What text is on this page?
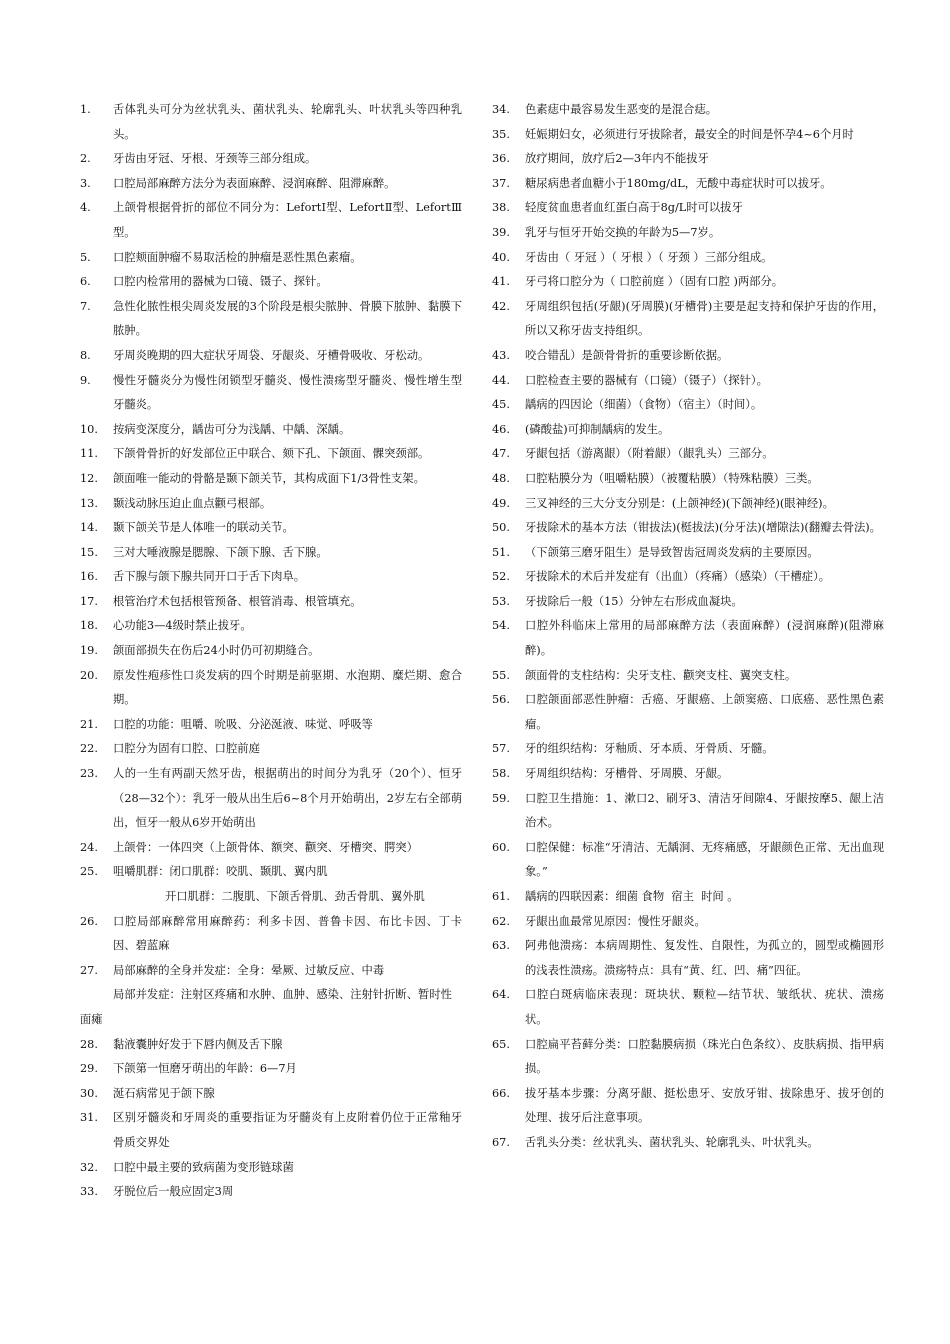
1.	舌体乳头可分为丝状乳头、菌状乳头、轮廓乳头、叶状乳头等四种乳头。
2.	牙齿由牙冠、牙根、牙颈等三部分组成。
3.	口腔局部麻醉方法分为表面麻醉、浸润麻醉、阻滞麻醉。
4.	上颌骨根据骨折的部位不同分为：LefortⅠ型、LefortⅡ型、LefortⅢ型。
5.	口腔颊面肿瘤不易取活检的肿瘤是恶性黑色素瘤。
6.	口腔内检常用的器械为口镜、镊子、探针。
7.	急性化脓性根尖周炎发展的3个阶段是根尖脓肿、骨膜下脓肿、黏膜下脓肿。
8.	牙周炎晚期的四大症状牙周袋、牙龈炎、牙槽骨吸收、牙松动。
9.	慢性牙髓炎分为慢性闭锁型牙髓炎、慢性溃疡型牙髓炎、慢性增生型牙髓炎。
10.	按病变深度分，龋齿可分为浅龋、中龋、深龋。
11.	下颌骨骨折的好发部位正中联合、颏下孔、下颌面、髁突颈部。
12.	颌面唯一能动的骨骼是颞下颌关节，其构成面下1/3骨性支架。
13.	颞浅动脉压迫止血点颧弓根部。
14.	颞下颌关节是人体唯一的联动关节。
15.	三对大唾液腺是腮腺、下颌下腺、舌下腺。
16.	舌下腺与颌下腺共同开口于舌下肉阜。
17.	根管治疗术包括根管预备、根管消毒、根管填充。
18.	心功能3—4级时禁止拔牙。
19.	颌面部损失在伤后24小时仍可初期缝合。
20.	原发性疱疹性口炎发病的四个时期是前驱期、水泡期、糜烂期、愈合期。
21.	口腔的功能：咀嚼、吮吸、分泌涎液、味觉、呼吸等
22.	口腔分为固有口腔、口腔前庭
23.	人的一生有两副天然牙齿，根据萌出的时间分为乳牙（20个）、恒牙（28—32个）：乳牙一般从出生后6~8个月开始萌出，2岁左右全部萌出，恒牙一般从6岁开始萌出
24.	上颌骨：一体四突（上颌骨体、额突、颧突、牙槽突、腭突）
25.	咀嚼肌群：闭口肌群：咬肌、颞肌、翼内肌
开口肌群：二腹肌、下颌舌骨肌、劲舌骨肌、翼外肌
26.	口腔局部麻醉常用麻醉药：利多卡因、普鲁卡因、布比卡因、丁卡因、碧蓝麻
27.	局部麻醉的全身并发症：全身：晕厥、过敏反应、中毒
局部并发症：注射区疼痛和水肿、血肿、感染、注射针折断、暂时性
面瘫
28.	黏液囊肿好发于下唇内侧及舌下腺
29.	下颌第一恒磨牙萌出的年龄：6—7月
30.	涎石病常见于颌下腺
31.	区别牙髓炎和牙周炎的重要指证为牙髓炎有上皮附着仍位于正常釉牙骨质交界处
32.	口腔中最主要的致病菌为变形链球菌
33.	牙脱位后一般应固定3周
34.	色素痣中最容易发生恶变的是混合痣。
35.	妊娠期妇女，必须进行牙拔除者，最安全的时间是怀孕4~6个月时
36.	放疗期间，放疗后2—3年内不能拔牙
37.	糖尿病患者血糖小于180mg/dL，无酸中毒症状时可以拔牙。
38.	轻度贫血患者血红蛋白高于8g/L时可以拔牙
39.	乳牙与恒牙开始交换的年龄为5—7岁。
40.	牙齿由（ 牙冠 ）（ 牙根 ）（ 牙颈 ）三部分组成。
41.	牙弓将口腔分为（ 口腔前庭 ）（固有口腔 )两部分。
42.	牙周组织包括(牙龈)(牙周膜)(牙槽骨)主要是起支持和保护牙齿的作用，所以又称牙齿支持组织。
43.	咬合错乱）是颌骨骨折的重要诊断依据。
44.	口腔检查主要的器械有（口镜）（镊子）（探针）。
45.	龋病的四因论（细菌）（食物）（宿主）（时间）。
46.	(磷酸盐)可抑制龋病的发生。
47.	牙龈包括（游离龈）（附着龈）（龈乳头）三部分。
48.	口腔粘膜分为（咀嚼粘膜）（被覆粘膜）（特殊粘膜）三类。
49.	三叉神经的三大分支分别是：(上颌神经)(下颌神经)(眼神经)。
50.	牙拔除术的基本方法（钳拔法)(梃拔法)(分牙法)(增隙法)(翻瓣去骨法)。
51.	（下颌第三磨牙阻生）是导致智齿冠周炎发病的主要原因。
52.	牙拔除术的术后并发症有（出血）（疼痛）（感染）（干槽症）。
53.	牙拔除后一般（15）分钟左右形成血凝块。
54.	口腔外科临床上常用的局部麻醉方法（表面麻醉）(浸润麻醉)(阻滞麻醉)。
55.	颌面骨的支柱结构：尖牙支柱、颧突支柱、翼突支柱。
56.	口腔颌面部恶性肿瘤：舌癌、牙龈癌、上颌窦癌、口底癌、恶性黑色素瘤。
57.	牙的组织结构：牙釉质、牙本质、牙骨质、牙髓。
58.	牙周组织结构：牙槽骨、牙周膜、牙龈。
59.	口腔卫生措施：1、漱口2、刷牙3、清洁牙间隙4、牙龈按摩5、龈上洁治术。
60.	口腔保健：标准“牙清洁、无龋洞、无疼痛感，牙龈颜色正常、无出血现象。”
61.	龋病的四联因素：细菌 食物  宿主  时间 。
62.	牙龈出血最常见原因：慢性牙龈炎。
63.	阿弗他溃疡：本病周期性、复发性、自限性，为孤立的，圆型或椭圆形的浅表性溃疡。溃疡特点：具有“黄、红、凹、痛”四征。
64.	口腔白斑病临床表现：斑块状、颗粒—结节状、皱纸状、疣状、溃疡状。
65.	口腔扁平苔藓分类：口腔黏膜病损（珠光白色条纹）、皮肤病损、指甲病损。
66.	拔牙基本步骤：分离牙龈、挺松患牙、安放牙钳、拔除患牙、拔牙创的处理、拔牙后注意事项。
67.	舌乳头分类：丝状乳头、菌状乳头、轮廓乳头、叶状乳头。
